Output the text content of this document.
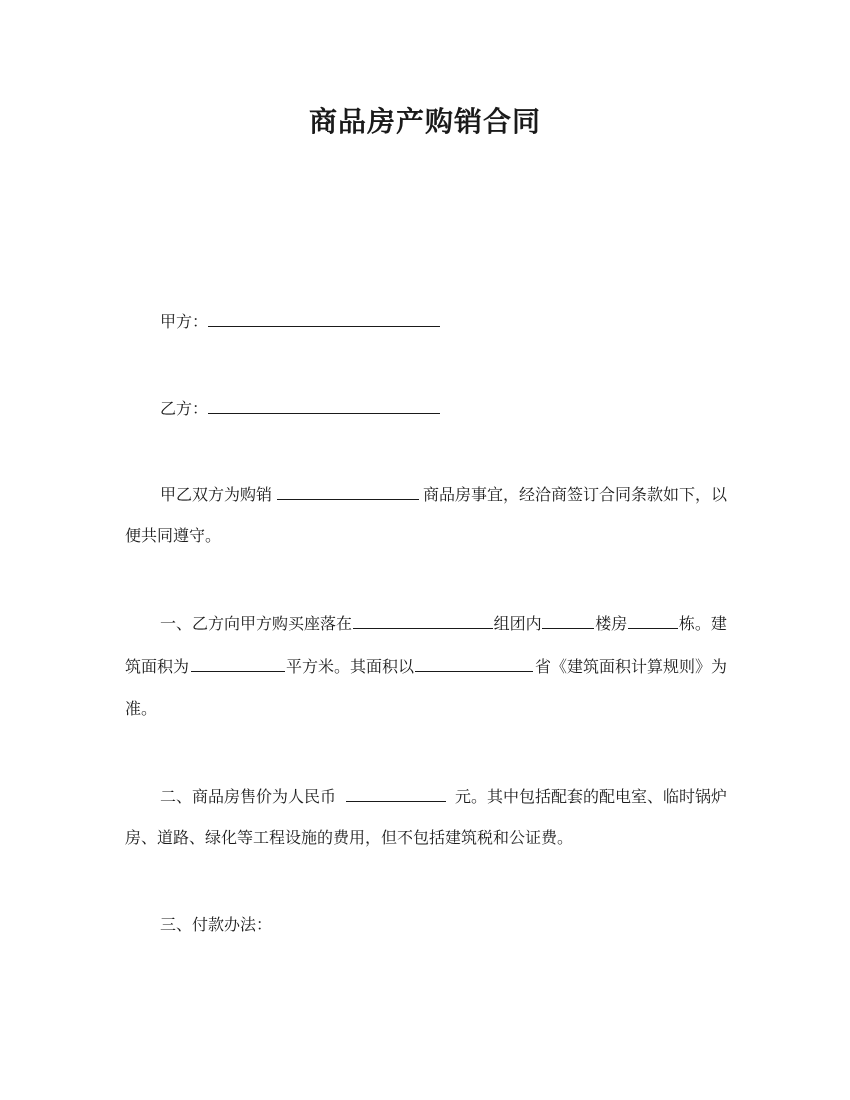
商品房产购销合同
甲方：
乙方：
甲乙双方为购销	商品房事宜，经洽商签订合同条款如下，以
便共同遵守。
一、乙方向甲方购买座落在	组团内	楼房	栋。建
筑面积为	平方米。其面积以	省《建筑面积计算规则》为
准。
二、商品房售价为人民币	元。其中包括配套的配电室、临时锅炉
房、道路、绿化等工程设施的费用，但不包括建筑税和公证费。
三、付款办法：
